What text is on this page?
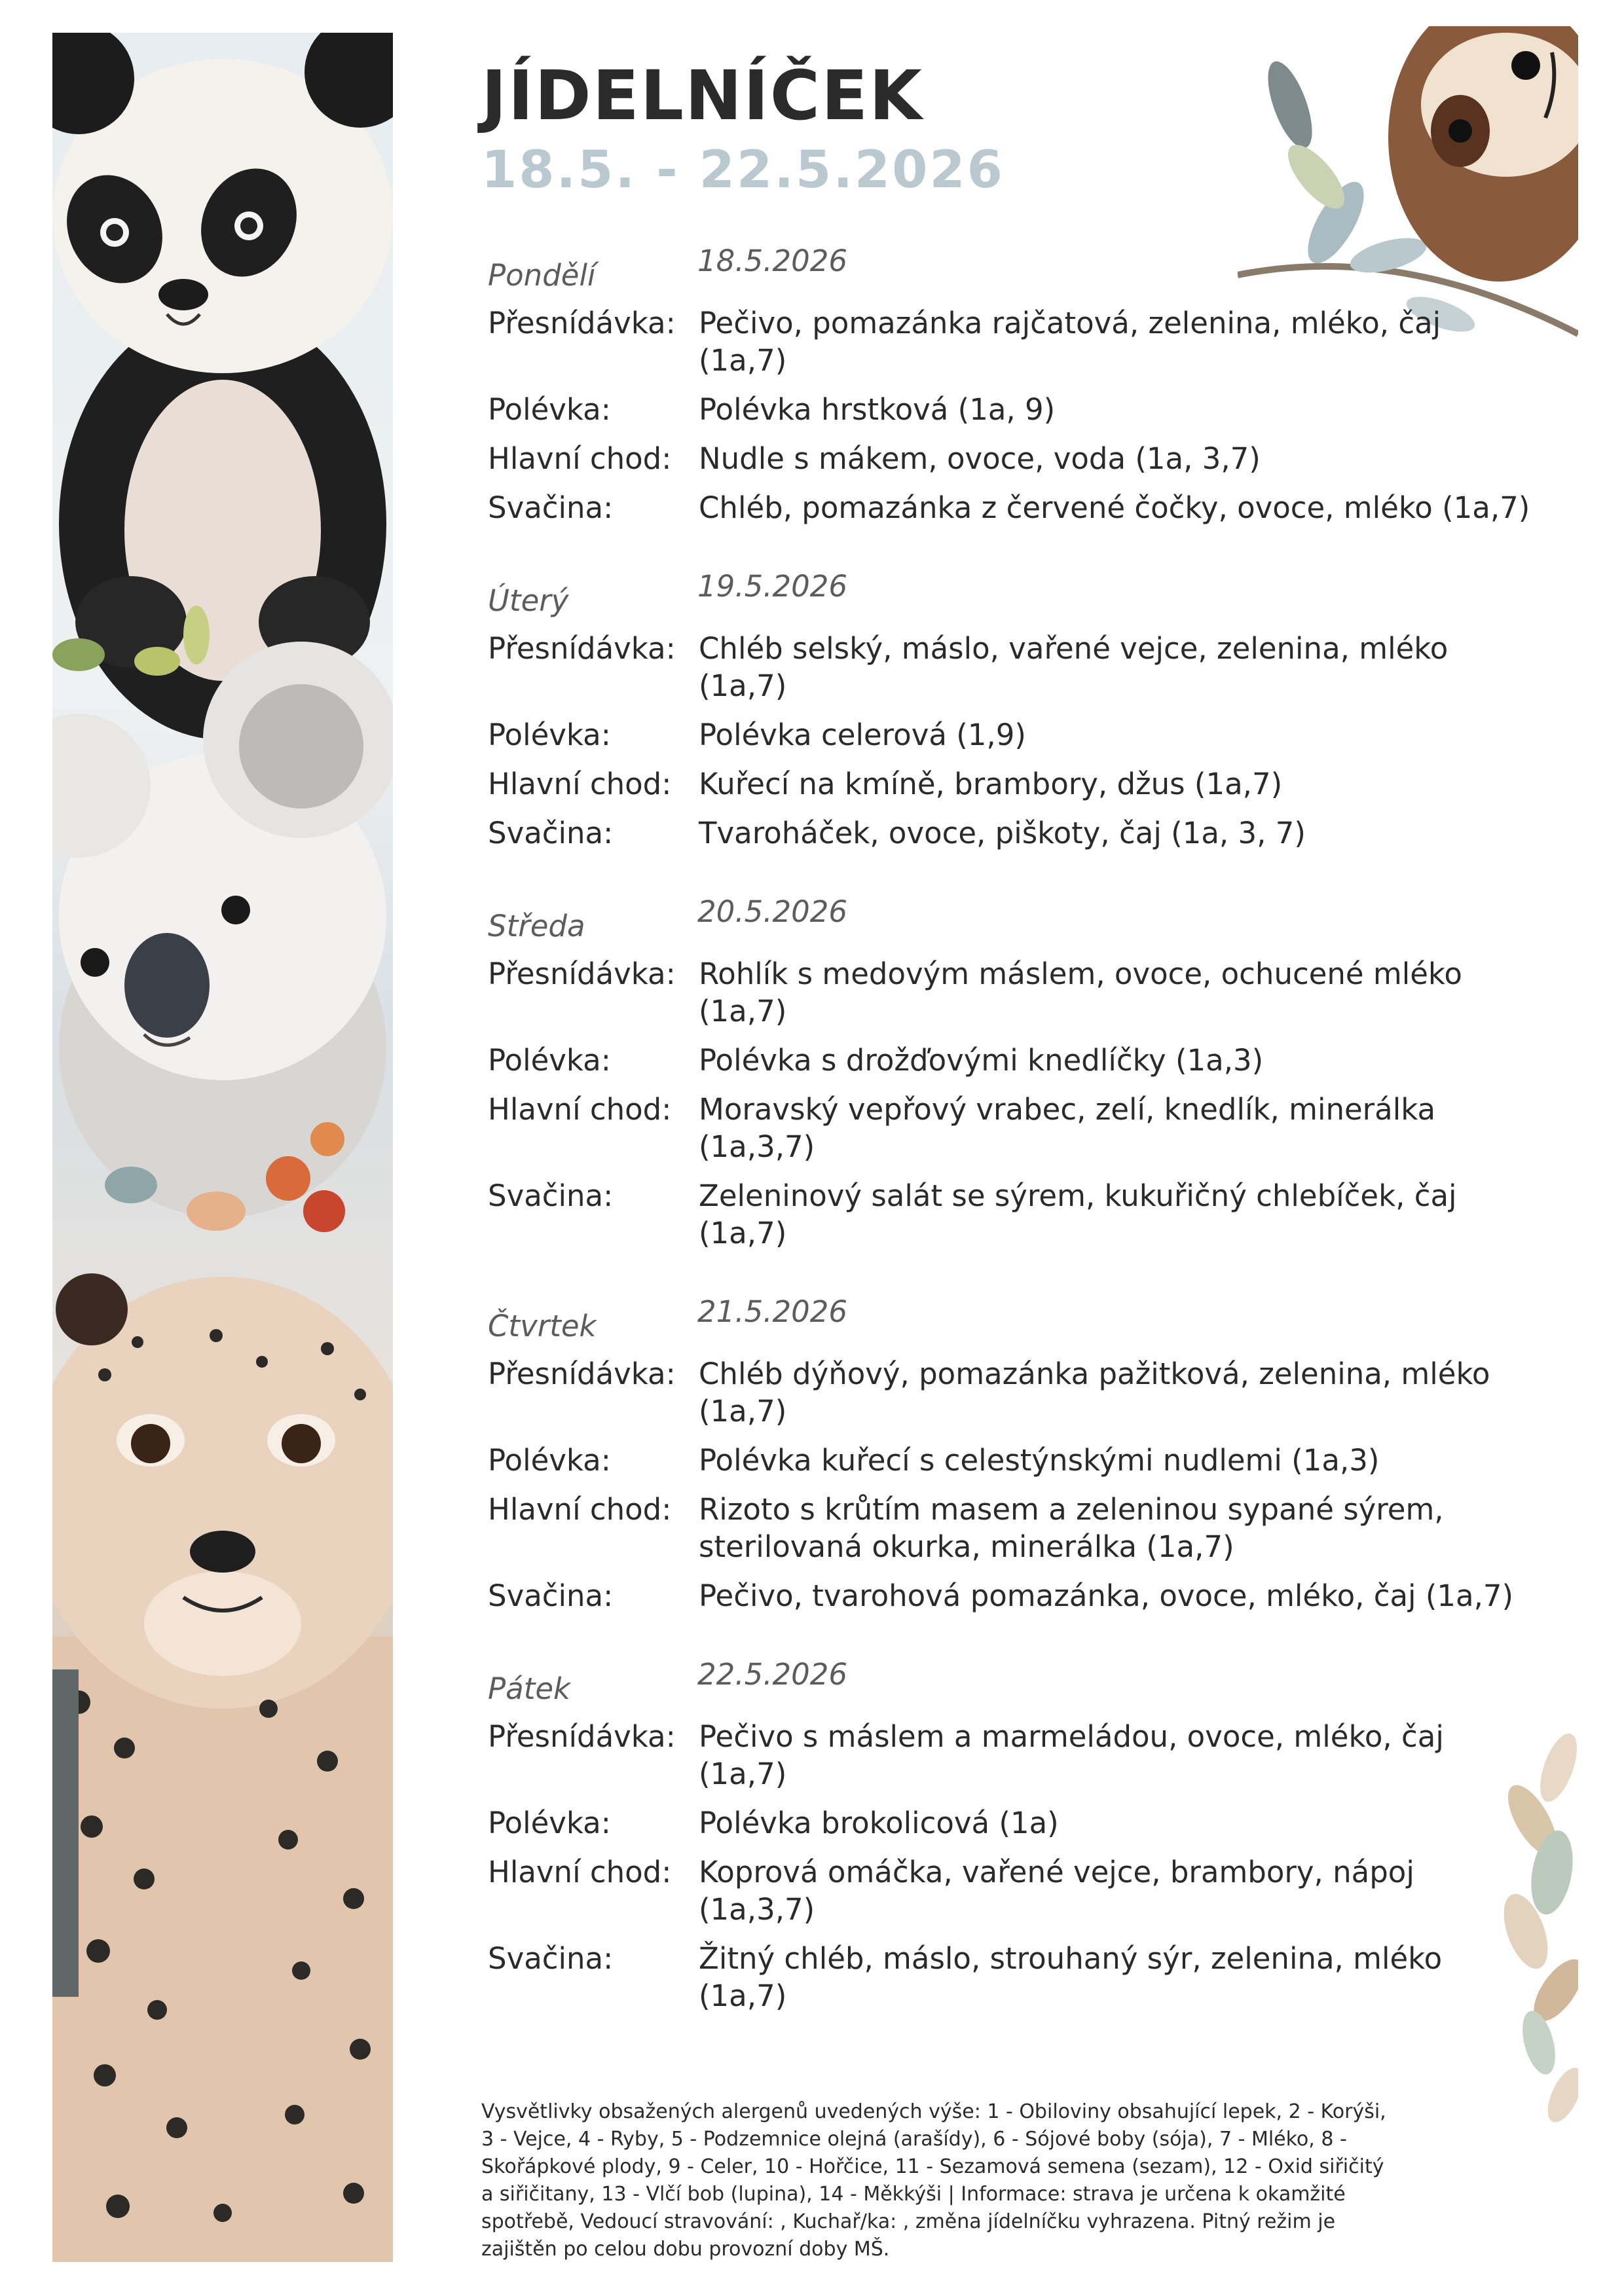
JÍDELNÍČEK
18.5. - 22.5.2026
Pondělí	18.5.2026
Přesnídávka: Pečivo, pomazánka rajčatová, zelenina, mléko, čaj (1a,7)
Polévka:	Polévka hrstková (1a, 9)
Hlavní chod: Nudle s mákem, ovoce, voda (1a, 3,7)
Svačina:	Chléb, pomazánka z červené čočky, ovoce, mléko (1a,7)
Úterý	19.5.2026
Přesnídávka: Chléb selský, máslo, vařené vejce, zelenina, mléko (1a,7)
Polévka:	Polévka celerová (1,9)
Hlavní chod: Kuřecí na kmíně, brambory, džus (1a,7)
Svačina:	Tvaroháček, ovoce, piškoty, čaj (1a, 3, 7)
Středa	20.5.2026
Přesnídávka: Rohlík s medovým máslem, ovoce, ochucené mléko (1a,7)
Polévka:	Polévka s drožďovými knedlíčky (1a,3)
Hlavní chod: Moravský vepřový vrabec, zelí, knedlík, minerálka (1a,3,7)
Svačina:	Zeleninový salát se sýrem, kukuřičný chlebíček, čaj (1a,7)
Čtvrtek	21.5.2026
Přesnídávka: Chléb dýňový, pomazánka pažitková, zelenina, mléko (1a,7)
Polévka:	Polévka kuřecí s celestýnskými nudlemi (1a,3)
Hlavní chod: Rizoto s krůtím masem a zeleninou sypané sýrem, sterilovaná okurka, minerálka (1a,7)
Svačina:	Pečivo, tvarohová pomazánka, ovoce, mléko, čaj (1a,7)
Pátek	22.5.2026
Přesnídávka: Pečivo s máslem a marmeládou, ovoce, mléko, čaj (1a,7)
Polévka:	Polévka brokolicová (1a)
Hlavní chod: Koprová omáčka, vařené vejce, brambory, nápoj (1a,3,7)
Svačina:	Žitný chléb, máslo, strouhaný sýr, zelenina, mléko (1a,7)

Vysvětlivky obsažených alergenů uvedených výše: 1 - Obiloviny obsahující lepek, 2 - Korýši, 3 - Vejce, 4 - Ryby, 5 - Podzemnice olejná (arašídy), 6 - Sójové boby (sója), 7 - Mléko, 8 - Skořápkové plody, 9 - Celer, 10 - Hořčice, 11 - Sezamová semena (sezam), 12 - Oxid siřičitý a siřičitany, 13 - Vlčí bob (lupina), 14 - Měkkýši | Informace: strava je určena k okamžité spotřebě, Vedoucí stravování: , Kuchař/ka: , změna jídelníčku vyhrazena. Pitný režim je zajištěn po celou dobu provozní doby MŠ.
